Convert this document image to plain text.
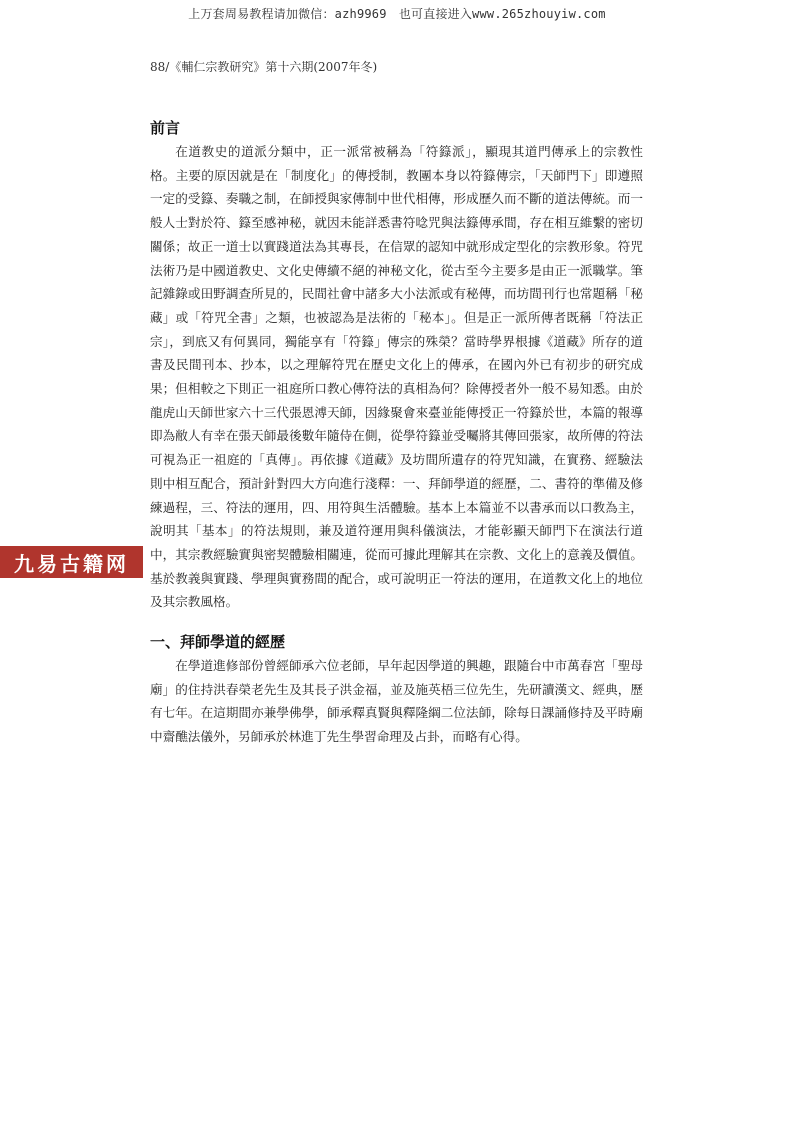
上万套周易教程请加微信：azh9969　也可直接进入www.265zhouyiw.com
88/《輔仁宗教研究》第十六期(2007年冬)
九易古籍网
前言

在道教史的道派分類中，正一派常被稱為「符籙派」，顯現其道門傳承上的宗教性格。主要的原因就是在「制度化」的傳授制，教團本身以符籙傳宗，「天師門下」即遵照一定的受籙、奏職之制，在師授與家傳制中世代相傳，形成歷久而不斷的道法傳統。而一般人士對於符、籙至感神秘，就因未能詳悉書符唸咒與法籙傳承間，存在相互維繫的密切關係；故正一道士以實踐道法為其專長，在信眾的認知中就形成定型化的宗教形象。符咒法術乃是中國道教史、文化史傳續不絕的神秘文化，從古至今主要多是由正一派職掌。筆記雜錄或田野調查所見的，民間社會中諸多大小法派或有秘傳，而坊間刊行也常題稱「秘藏」或「符咒全書」之類，也被認為是法術的「秘本」。但是正一派所傳者既稱「符法正宗」，到底又有何異同，獨能享有「符籙」傳宗的殊榮？當時學界根據《道藏》所存的道書及民間刊本、抄本，以之理解符咒在歷史文化上的傳承，在國內外已有初步的研究成果；但相較之下則正一祖庭所口教心傳符法的真相為何？除傳授者外一般不易知悉。由於龍虎山天師世家六十三代張恩溥天師，因緣聚會來臺並能傳授正一符籙於世，本篇的報導即為敝人有幸在張天師最後數年隨侍在側，從學符籙並受囑將其傳回張家，故所傳的符法可視為正一祖庭的「真傳」。再依據《道藏》及坊間所遺存的符咒知識，在實務、經驗法則中相互配合，預計針對四大方向進行淺釋：一、拜師學道的經歷，二、書符的準備及修練過程，三、符法的運用，四、用符與生活體驗。基本上本篇並不以書承而以口教為主，說明其「基本」的符法規則，兼及道符運用與科儀演法，才能彰顯天師門下在演法行道中，其宗教經驗實與密契體驗相關連，從而可據此理解其在宗教、文化上的意義及價值。基於教義與實踐、學理與實務間的配合，或可說明正一符法的運用，在道教文化上的地位及其宗教風格。

一、拜師學道的經歷

在學道進修部份曾經師承六位老師，早年起因學道的興趣，跟隨台中市萬春宮「聖母廟」的住持洪春榮老先生及其長子洪金福，並及施英梧三位先生，先研讀漢文、經典，歷有七年。在這期間亦兼學佛學，師承釋真賢與釋隆綱二位法師，除每日課誦修持及平時廟中齋醮法儀外，另師承於林進丁先生學習命理及占卦，而略有心得。
